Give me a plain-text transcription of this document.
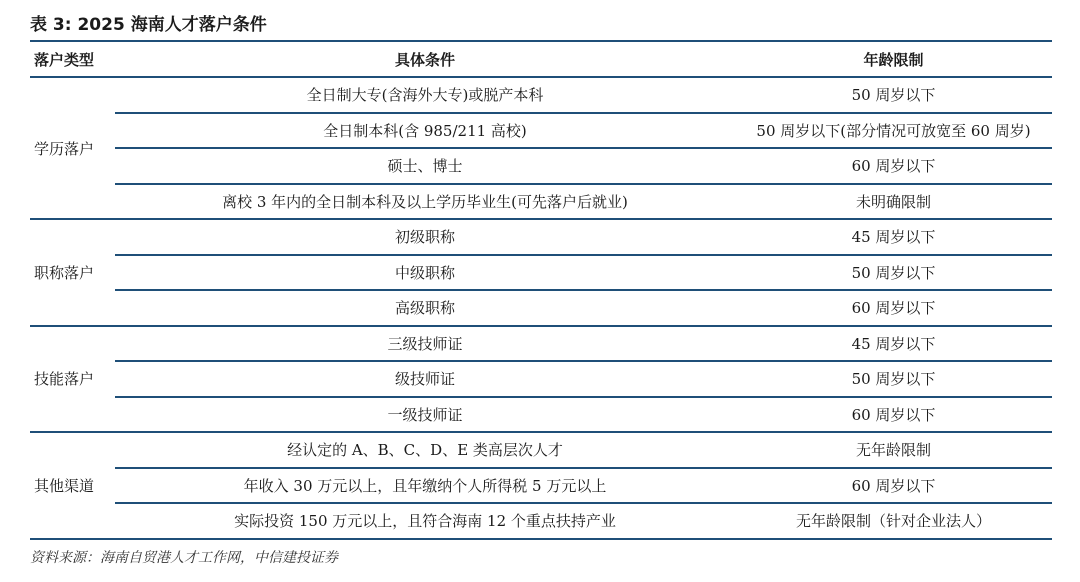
表 3: 2025 海南人才落户条件
落户类型	具体条件	年龄限制
学历落户	全日制大专(含海外大专)或脱产本科	50 周岁以下
	全日制本科(含 985/211 高校)	50 周岁以下(部分情况可放宽至 60 周岁)
	硕士、博士	60 周岁以下
	离校 3 年内的全日制本科及以上学历毕业生(可先落户后就业)	未明确限制
职称落户	初级职称	45 周岁以下
	中级职称	50 周岁以下
	高级职称	60 周岁以下
技能落户	三级技师证	45 周岁以下
	级技师证	50 周岁以下
	一级技师证	60 周岁以下
其他渠道	经认定的 A、B、C、D、E 类高层次人才	无年龄限制
	年收入 30 万元以上，且年缴纳个人所得税 5 万元以上	60 周岁以下
	实际投资 150 万元以上，且符合海南 12 个重点扶持产业	无年龄限制（针对企业法人）
资料来源：海南自贸港人才工作网，中信建投证券
